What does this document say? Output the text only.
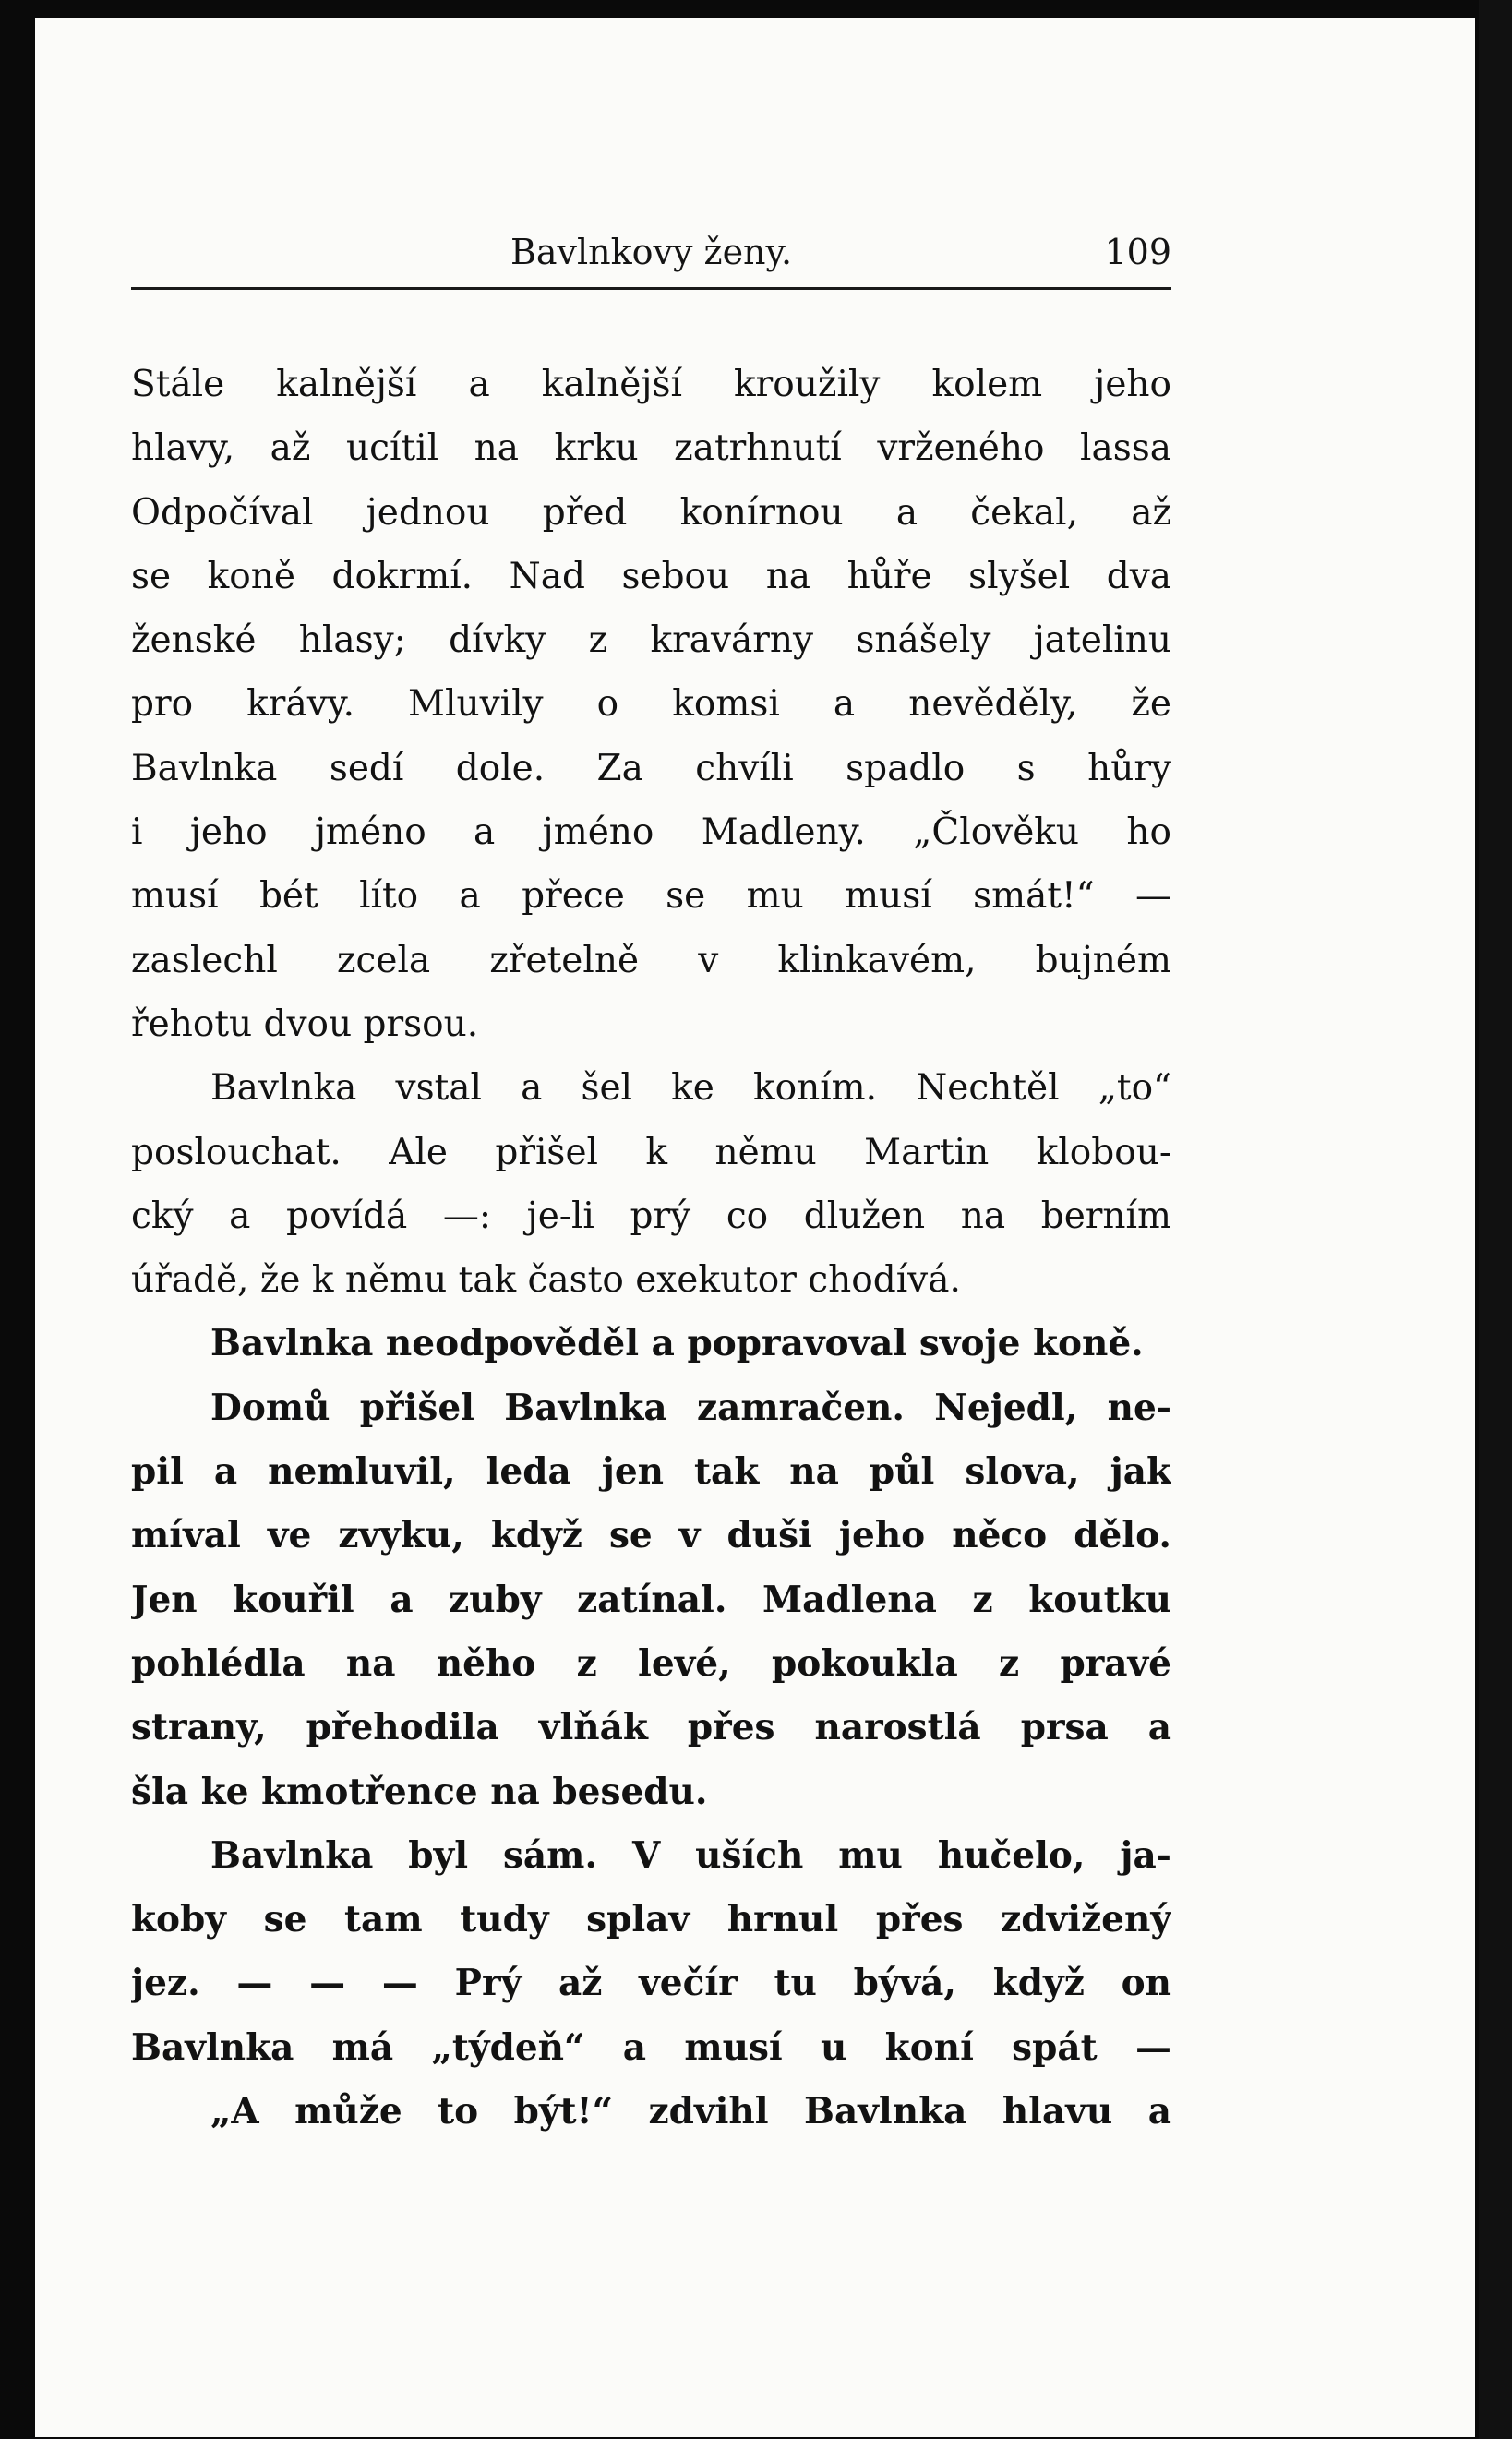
Bavlnkovy ženy.	109
Stále kalnější a kalnější kroužily kolem jeho
hlavy, až ucítil na krku zatrhnutí vrženého lassa
Odpočíval jednou před konírnou a čekal, až
se koně dokrmí. Nad sebou na hůře slyšel dva
ženské hlasy; dívky z kravárny snášely jatelinu
pro krávy. Mluvily o komsi a nevěděly, že
Bavlnka sedí dole. Za chvíli spadlo s hůry
i jeho jméno a jméno Madleny. „Člověku ho
musí bét líto a přece se mu musí smát!“ —
zaslechl zcela zřetelně v klinkavém, bujném
řehotu dvou prsou.
Bavlnka vstal a šel ke koním. Nechtěl „to“
poslouchat. Ale přišel k němu Martin klobou-
cký a povídá —: je-li prý co dlužen na berním
úřadě, že k němu tak často exekutor chodívá.
Bavlnka neodpověděl a popravoval svoje koně.
Domů přišel Bavlnka zamračen. Nejedl, ne-
pil a nemluvil, leda jen tak na půl slova, jak
míval ve zvyku, když se v duši jeho něco dělo.
Jen kouřil a zuby zatínal. Madlena z koutku
pohlédla na něho z levé, pokoukla z pravé
strany, přehodila vlňák přes narostlá prsa a
šla ke kmotřence na besedu.
Bavlnka byl sám. V uších mu hučelo, ja-
koby se tam tudy splav hrnul přes zdvižený
jez. — — — Prý až večír tu bývá, když on
Bavlnka má „týdeň“ a musí u koní spát —
„A může to být!“ zdvihl Bavlnka hlavu a
